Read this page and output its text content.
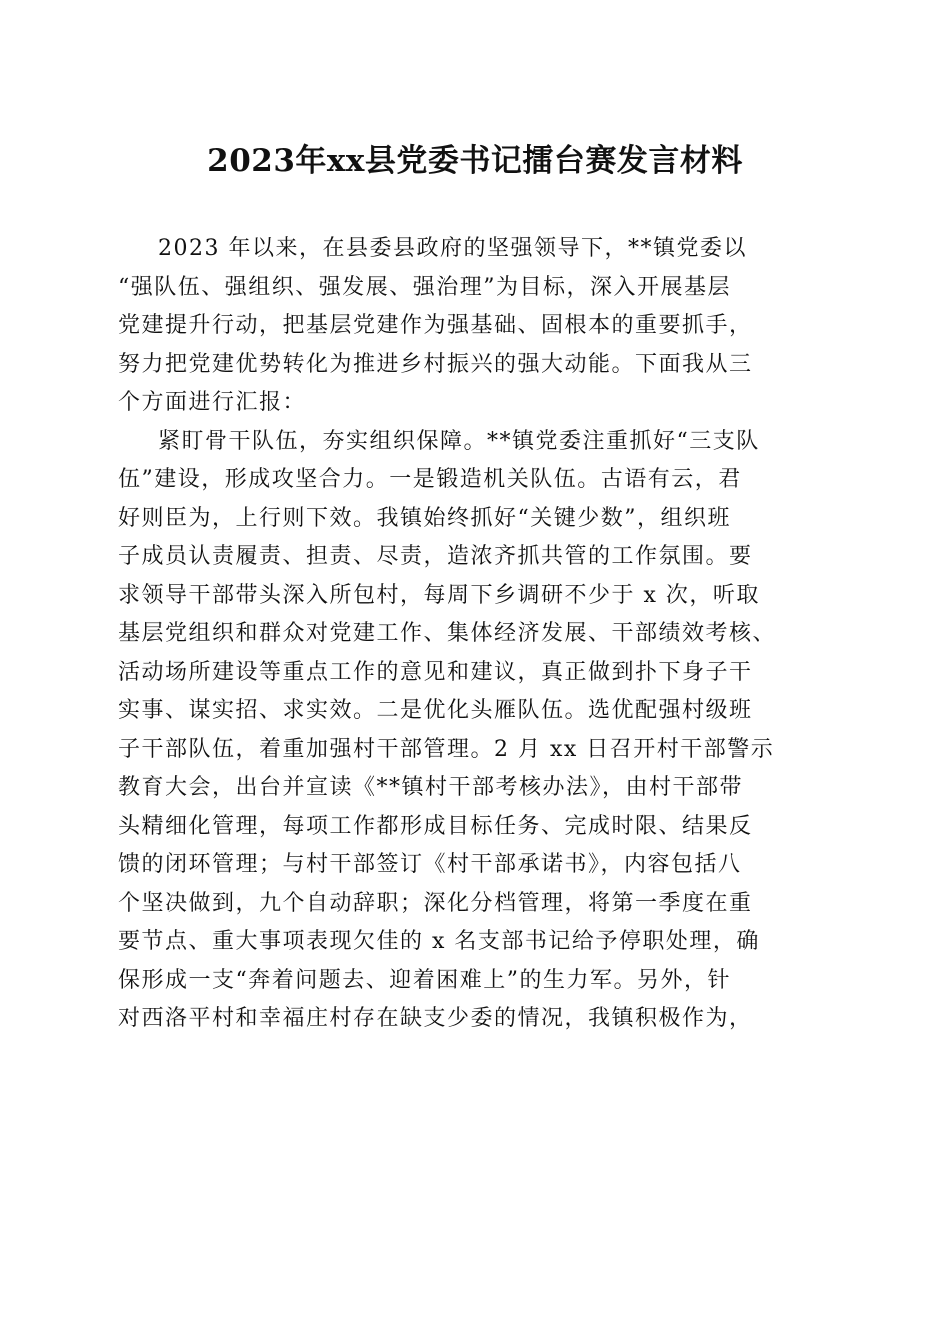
2023年xx县党委书记擂台赛发言材料
2023 年以来，在县委县政府的坚强领导下，**镇党委以
“强队伍、强组织、强发展、强治理”为目标，深入开展基层
党建提升行动，把基层党建作为强基础、固根本的重要抓手，
努力把党建优势转化为推进乡村振兴的强大动能。下面我从三
个方面进行汇报：
紧盯骨干队伍，夯实组织保障。**镇党委注重抓好“三支队
伍”建设，形成攻坚合力。一是锻造机关队伍。古语有云，君
好则臣为，上行则下效。我镇始终抓好“关键少数”，组织班
子成员认责履责、担责、尽责，造浓齐抓共管的工作氛围。要
求领导干部带头深入所包村，每周下乡调研不少于 x 次，听取
基层党组织和群众对党建工作、集体经济发展、干部绩效考核、
活动场所建设等重点工作的意见和建议，真正做到扑下身子干
实事、谋实招、求实效。二是优化头雁队伍。选优配强村级班
子干部队伍，着重加强村干部管理。2 月 xx 日召开村干部警示
教育大会，出台并宣读《**镇村干部考核办法》，由村干部带
头精细化管理，每项工作都形成目标任务、完成时限、结果反
馈的闭环管理；与村干部签订《村干部承诺书》，内容包括八
个坚决做到，九个自动辞职；深化分档管理，将第一季度在重
要节点、重大事项表现欠佳的 x 名支部书记给予停职处理，确
保形成一支“奔着问题去、迎着困难上”的生力军。另外，针
对西洛平村和幸福庄村存在缺支少委的情况，我镇积极作为，
